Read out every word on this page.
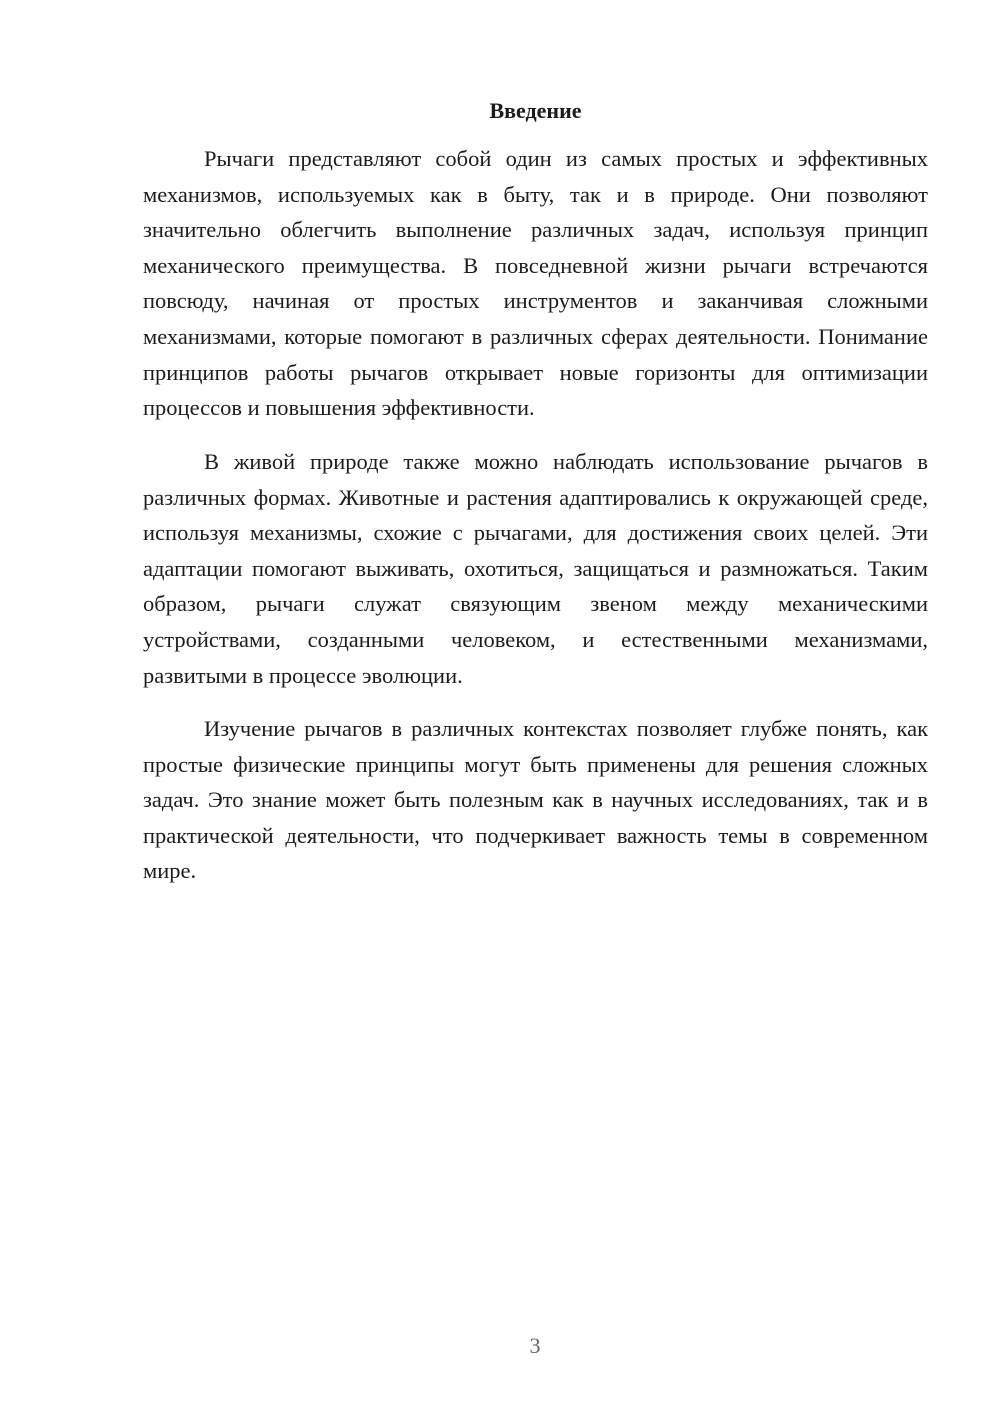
Введение

Рычаги представляют собой один из самых простых и эффективных механизмов, используемых как в быту, так и в природе. Они позволяют значительно облегчить выполнение различных задач, используя принцип механического преимущества. В повседневной жизни рычаги встречаются повсюду, начиная от простых инструментов и заканчивая сложными механизмами, которые помогают в различных сферах деятельности. Понимание принципов работы рычагов открывает новые горизонты для оптимизации процессов и повышения эффективности.

В живой природе также можно наблюдать использование рычагов в различных формах. Животные и растения адаптировались к окружающей среде, используя механизмы, схожие с рычагами, для достижения своих целей. Эти адаптации помогают выживать, охотиться, защищаться и размножаться. Таким образом, рычаги служат связующим звеном между механическими устройствами, созданными человеком, и естественными механизмами, развитыми в процессе эволюции.

Изучение рычагов в различных контекстах позволяет глубже понять, как простые физические принципы могут быть применены для решения сложных задач. Это знание может быть полезным как в научных исследованиях, так и в практической деятельности, что подчеркивает важность темы в современном мире.

3
